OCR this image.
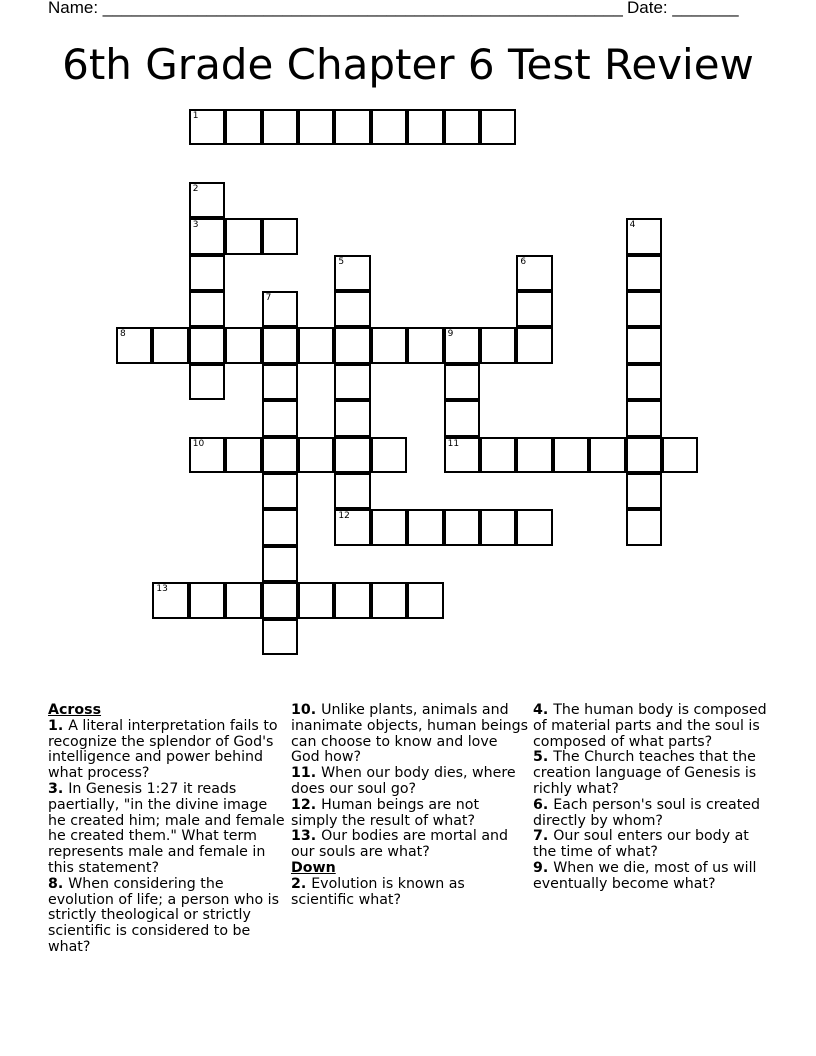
Name: _______________________________________________________ Date: _______
6th Grade Chapter 6 Test Review
1
3
8	9
10	11
12
13
2
4
5	6
7
Across
1. A literal interpretation fails to recognize the splendor of God's intelligence and power behind what process?
3. In Genesis 1:27 it reads paertially, "in the divine image he created him; male and female he created them." What term represents male and female in this statement?
8. When considering the evolution of life; a person who is strictly theological or strictly scientific is considered to be what?
10. Unlike plants, animals and inanimate objects, human beings can choose to know and love God how?
11. When our body dies, where does our soul go?
12. Human beings are not simply the result of what?
13. Our bodies are mortal and our souls are what?
Down
2. Evolution is known as scientific what?
4. The human body is composed of material parts and the soul is composed of what parts?
5. The Church teaches that the creation language of Genesis is richly what?
6. Each person's soul is created directly by whom?
7. Our soul enters our body at the time of what?
9. When we die, most of us will eventually become what?
